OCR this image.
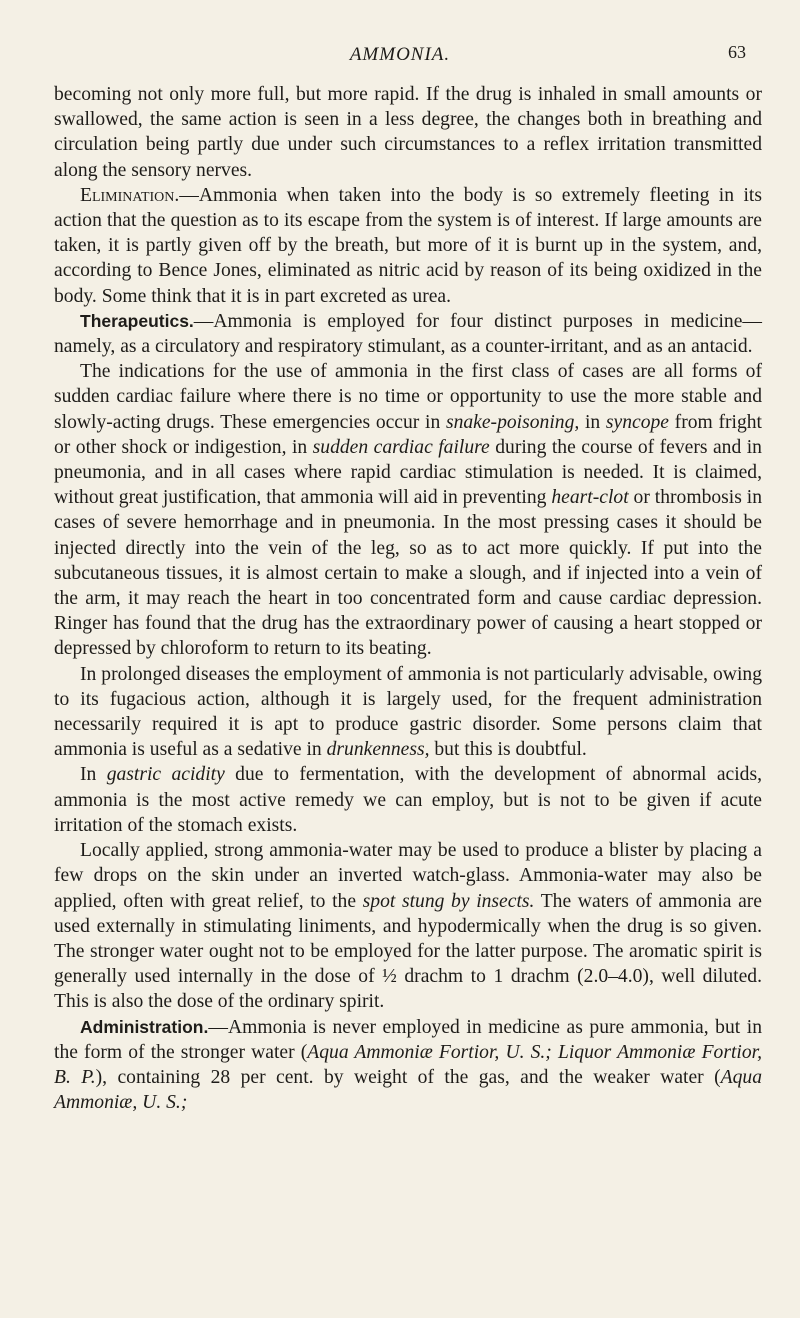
AMMONIA.	63

becoming not only more full, but more rapid. If the drug is inhaled in small amounts or swallowed, the same action is seen in a less degree, the changes both in breathing and circulation being partly due under such circumstances to a reflex irritation transmitted along the sensory nerves.

Elimination.—Ammonia when taken into the body is so extremely fleeting in its action that the question as to its escape from the system is of interest. If large amounts are taken, it is partly given off by the breath, but more of it is burnt up in the system, and, according to Bence Jones, eliminated as nitric acid by reason of its being oxidized in the body. Some think that it is in part excreted as urea.

Therapeutics.—Ammonia is employed for four distinct purposes in medicine—namely, as a circulatory and respiratory stimulant, as a counter-irritant, and as an antacid.

The indications for the use of ammonia in the first class of cases are all forms of sudden cardiac failure where there is no time or opportunity to use the more stable and slowly-acting drugs. These emergencies occur in snake-poisoning, in syncope from fright or other shock or indigestion, in sudden cardiac failure during the course of fevers and in pneumonia, and in all cases where rapid cardiac stimulation is needed. It is claimed, without great justification, that ammonia will aid in preventing heart-clot or thrombosis in cases of severe hemorrhage and in pneumonia. In the most pressing cases it should be injected directly into the vein of the leg, so as to act more quickly. If put into the subcutaneous tissues, it is almost certain to make a slough, and if injected into a vein of the arm, it may reach the heart in too concentrated form and cause cardiac depression. Ringer has found that the drug has the extraordinary power of causing a heart stopped or depressed by chloroform to return to its beating.

In prolonged diseases the employment of ammonia is not particularly advisable, owing to its fugacious action, although it is largely used, for the frequent administration necessarily required it is apt to produce gastric disorder. Some persons claim that ammonia is useful as a sedative in drunkenness, but this is doubtful.

In gastric acidity due to fermentation, with the development of abnormal acids, ammonia is the most active remedy we can employ, but is not to be given if acute irritation of the stomach exists.

Locally applied, strong ammonia-water may be used to produce a blister by placing a few drops on the skin under an inverted watch-glass. Ammonia-water may also be applied, often with great relief, to the spot stung by insects. The waters of ammonia are used externally in stimulating liniments, and hypodermically when the drug is so given. The stronger water ought not to be employed for the latter purpose. The aromatic spirit is generally used internally in the dose of ½ drachm to 1 drachm (2.0–4.0), well diluted. This is also the dose of the ordinary spirit.

Administration.—Ammonia is never employed in medicine as pure ammonia, but in the form of the stronger water (Aqua Ammoniæ Fortior, U. S.; Liquor Ammoniæ Fortior, B. P.), containing 28 per cent. by weight of the gas, and the weaker water (Aqua Ammoniæ, U. S.;
